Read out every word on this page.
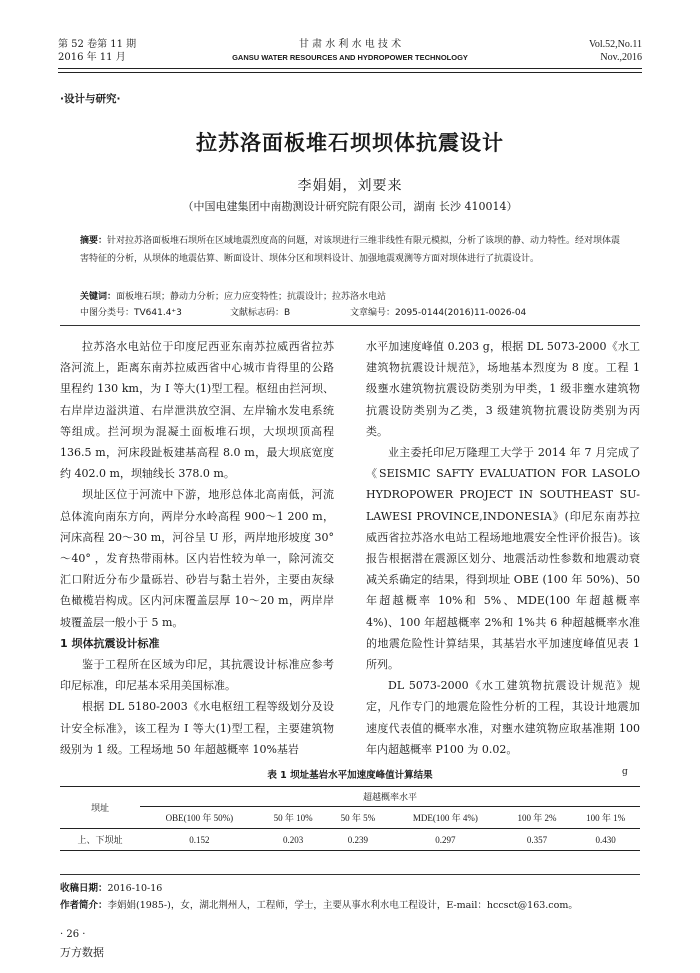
第 52 卷第 11 期
2016 年 11 月
甘 肃 水 利 水 电 技 术
GANSU WATER RESOURCES AND HYDROPOWER TECHNOLOGY
Vol.52,No.11
Nov.,2016
·设计与研究·
拉苏洛面板堆石坝坝体抗震设计
李娟娟，刘要来
（中国电建集团中南勘测设计研究院有限公司，湖南 长沙 410014）
摘要：针对拉苏洛面板堆石坝所在区域地震烈度高的问题，对该坝进行三维非线性有限元模拟，分析了该坝的静、动力特性。经对坝体震害特征的分析，从坝体的地震估算、断面设计、坝体分区和坝料设计、加强地震观测等方面对坝体进行了抗震设计。
关键词：面板堆石坝；静动力分析；应力应变特性；抗震设计；拉苏洛水电站
中图分类号：TV641.4⁺3	文献标志码：B	文章编号：2095-0144(2016)11-0026-04

拉苏洛水电站位于印度尼西亚东南苏拉威西省拉苏洛河流上，距离东南苏拉威西省中心城市肯得里的公路里程约 130 km，为 Ⅰ 等大(1)型工程。枢纽由拦河坝、右岸岸边溢洪道、右岸泄洪放空洞、左岸输水发电系统等组成。拦河坝为混凝土面板堆石坝，大坝坝顶高程 136.5 m，河床段趾板建基高程 8.0 m，最大坝底宽度约 402.0 m，坝轴线长 378.0 m。

坝址区位于河流中下游，地形总体北高南低，河流总体流向南东方向，两岸分水岭高程 900～1 200 m，河床高程 20～30 m，河谷呈 U 形，两岸地形坡度 30° ～40° ，发育热带雨林。区内岩性较为单一，除河流交汇口附近分布少量砾岩、砂岩与黏土岩外，主要由灰绿色橄榄岩构成。区内河床覆盖层厚 10～20 m，两岸岸坡覆盖层一般小于 5 m。

1 坝体抗震设计标准

鉴于工程所在区域为印尼，其抗震设计标准应参考印尼标准，印尼基本采用美国标准。

根据 DL 5180-2003《水电枢纽工程等级划分及设计安全标准》，该工程为 Ⅰ 等大(1)型工程，主要建筑物级别为 1 级。工程场地 50 年超越概率 10%基岩

水平加速度峰值 0.203 g，根据 DL 5073-2000《水工建筑物抗震设计规范》，场地基本烈度为 8 度。工程 1 级壅水建筑物抗震设防类别为甲类，1 级非壅水建筑物抗震设防类别为乙类，3 级建筑物抗震设防类别为丙类。

业主委托印尼万隆理工大学于 2014 年 7 月完成了《SEISMIC SAFTY EVALUATION FOR LASOLO HYDROPOWER PROJECT IN SOUTHEAST SU-LAWESI PROVINCE,INDONESIA》(印尼东南苏拉威西省拉苏洛水电站工程场地地震安全性评价报告)。该报告根据潜在震源区划分、地震活动性参数和地震动衰减关系确定的结果，得到坝址 OBE (100 年 50%)、50 年超越概率 10%和 5%、MDE(100 年超越概率 4%)、100 年超越概率 2%和 1%共 6 种超越概率水准的地震危险性计算结果，其基岩水平加速度峰值见表 1 所列。

DL 5073-2000《水工建筑物抗震设计规范》规定，凡作专门的地震危险性分析的工程，其设计地震加速度代表值的概率水准，对壅水建筑物应取基准期 100 年内超越概率 P100 为 0.02。

表 1 坝址基岩水平加速度峰值计算结果	g
坝址	超越概率水平					
	OBE(100 年 50%)	50 年 10%	50 年 5%	MDE(100 年 4%)	100 年 2%	100 年 1%
上、下坝址	0.152	0.203	0.239	0.297	0.357	0.430
收稿日期：2016-10-16
作者简介：李娟娟(1985-)，女，湖北荆州人，工程师，学士，主要从事水利水电工程设计，E-mail：hccsct@163.com。
· 26 ·
万方数据
